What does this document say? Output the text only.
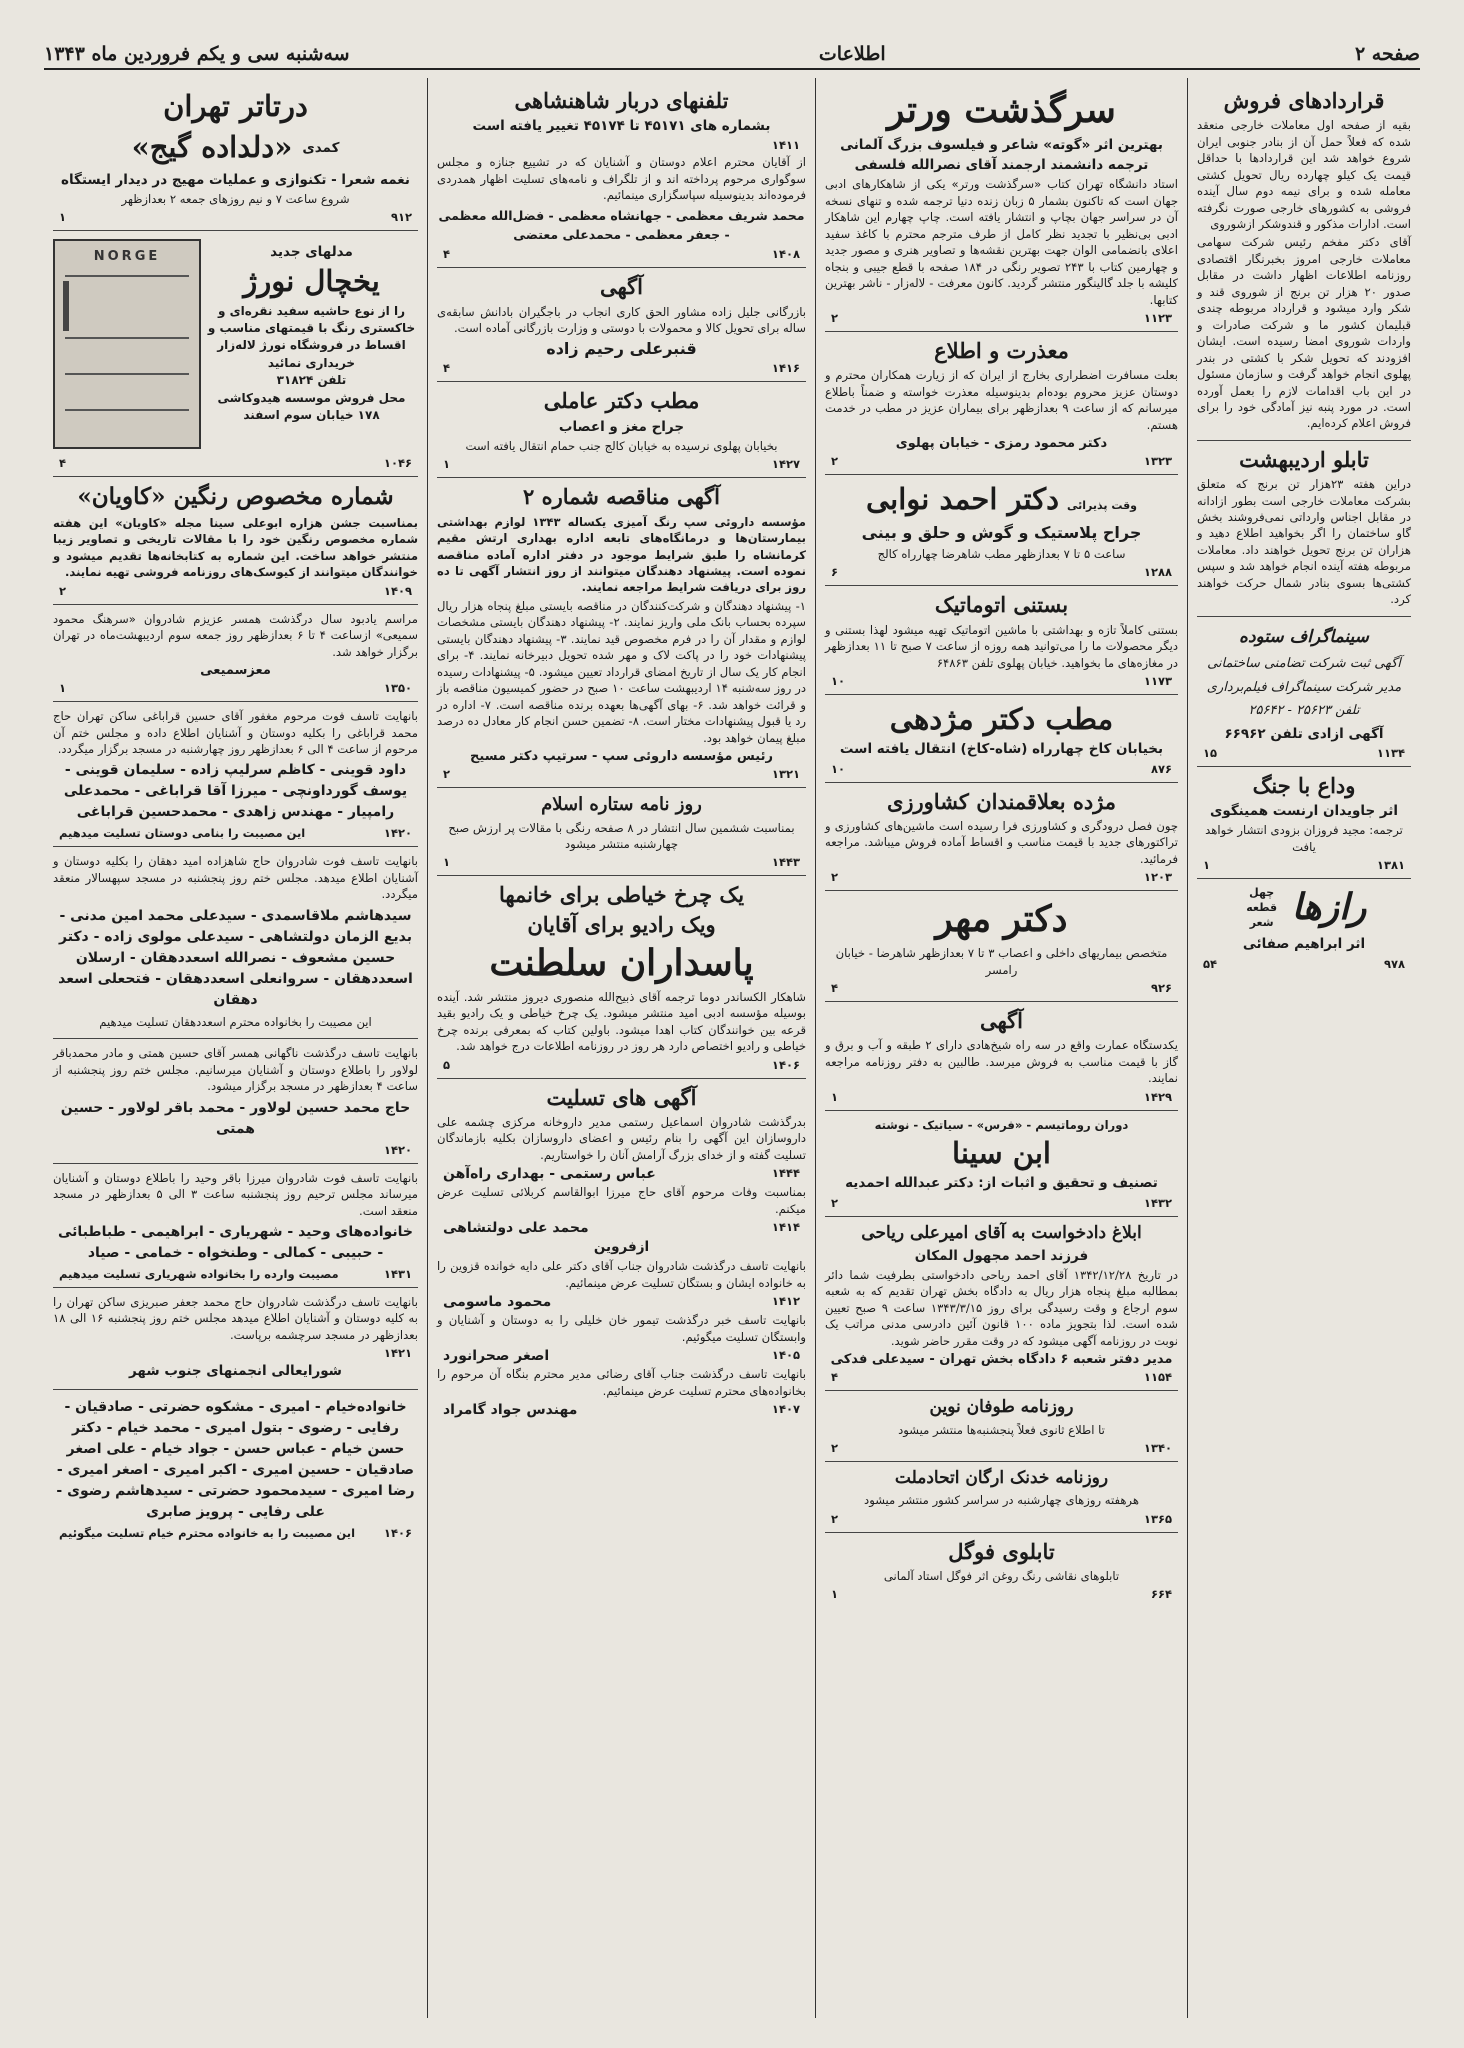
صفحه ۲
اطلاعات
سه‌شنبه سی و یکم فروردین ماه ۱۳۴۳
قراردادهای فروش
بقیه از صفحه اول معاملات خارجی منعقد شده که فعلاً حمل آن از بنادر جنوبی ایران شروع خواهد شد این قراردادها با حداقل قیمت یک کیلو چهارده ریال تحویل کشتی معامله شده و برای نیمه دوم سال آینده فروشی به کشورهای خارجی صورت نگرفته است. ادارات مذکور و قندوشکر ازشوروی
آقای دکتر مفخم رئیس شرکت سهامی معاملات خارجی امروز بخبرنگار اقتصادی روزنامه اطلاعات اظهار داشت در مقابل صدور ۲۰ هزار تن برنج از شوروی قند و شکر وارد میشود و قرارداد مربوطه چندی قبلیمان کشور ما و شرکت صادرات و واردات شوروی امضا رسیده است. ایشان افزودند که تحویل شکر با کشتی در بندر پهلوی انجام خواهد گرفت و سازمان مسئول در این باب اقدامات لازم را بعمل آورده است. در مورد پنبه نیز آمادگی خود را برای فروش اعلام کرده‌ایم.
تابلو اردیبهشت
دراین هفته ۲۳هزار تن برنج که متعلق بشرکت معاملات خارجی است بطور ازادانه در مقابل اجناس وارداتی نمی‌فروشند بخش گاو ساختمان را اگر بخواهید اطلاع دهید و هزاران تن برنج تحویل خواهند داد. معاملات مربوطه هفته آینده انجام خواهد شد و سپس کشتی‌ها بسوی بنادر شمال حرکت خواهند کرد.
سینماگراف ستوده
آگهی ثبت شرکت تضامنی ساختمانی
مدیر شرکت سینماگراف فیلم‌برداری
تلفن ۲۵۶۲۳ - ۲۵۶۴۲
آگهی ازادی تلفن ۶۶۹۶۲
۱۵	۱۱۳۴
وداع با جنگ
اثر جاویدان ارنست همینگوی
ترجمه: مجید فروزان بزودی انتشار خواهد یافت
۱	۱۳۸۱
رازها
چهل قطعه شعر
اثر ابراهیم صفائی
۵۴	۹۷۸
سرگذشت ورتر
بهترین اثر «گوته» شاعر و فیلسوف بزرگ آلمانی
ترجمه دانشمند ارجمند آقای نصرالله فلسفی
استاد دانشگاه تهران کتاب «سرگذشت ورتر» یکی از شاهکارهای ادبی جهان است که تاکنون بشمار ۵ زبان زنده دنیا ترجمه شده و تنهای نسخه آن در سراسر جهان بچاپ و انتشار یافته است. چاپ چهارم این شاهکار ادبی بی‌نظیر با تجدید نظر کامل از طرف مترجم محترم با کاغذ سفید اعلای بانضمامی الوان جهت بهترین نقشه‌ها و تصاویر هنری و مصور جدید و چهارمین کتاب با ۲۴۳ تصویر رنگی در ۱۸۴ صفحه با قطع جیبی و بنجاه کلیشه با جلد گالینگور منتشر گردید. کانون معرفت - لاله‌زار - ناشر بهترین کتابها.
۲	۱۱۲۳
معذرت و اطلاع
بعلت مسافرت اضطراری بخارج از ایران که از زیارت همکاران محترم و دوستان عزیز محروم بوده‌ام بدینوسیله معذرت خواسته و ضمناً باطلاع میرسانم که از ساعت ۹ بعدازظهر برای بیماران عزیز در مطب در خدمت هستم.
دکتر محمود رمزی - خیابان پهلوی
۲	۱۳۲۳
وقت پذیرائی
دکتر احمد نوابی
جراح پلاستیک و گوش و حلق و بینی
ساعت ۵ تا ۷ بعدازظهر مطب شاهرضا چهارراه کالج
۶	۱۲۸۸
بستنی اتوماتیک
بستنی کاملاً تازه و بهداشتی با ماشین اتوماتیک تهیه میشود لهذا بستنی و دیگر محصولات ما را می‌توانید همه روزه از ساعت ۷ صبح تا ۱۱ بعدازظهر در مغازه‌های ما بخواهید. خیابان پهلوی تلفن ۶۴۸۶۳
۱۰	۱۱۷۳
مطب دکتر مژدهی
بخیابان کاخ چهارراه (شاه-کاخ) انتقال یافته است
۱۰	۸۷۶
مژده بعلاقمندان کشاورزی
چون فصل درودگری و کشاورزی فرا رسیده است ماشین‌های کشاورزی و تراکتورهای جدید با قیمت مناسب و اقساط آماده فروش میباشد. مراجعه فرمائید.
۲	۱۲۰۳
دکتر مهر
متخصص بیماریهای داخلی و اعصاب ۳ تا ۷ بعدازظهر شاهرضا - خیابان رامسر
۴	۹۲۶
آگهی
یکدستگاه عمارت واقع در سه راه شیخ‌هادی دارای ۲ طبقه و آب و برق و گاز با قیمت مناسب به فروش میرسد. طالبین به دفتر روزنامه مراجعه نمایند.
۱	۱۴۲۹
دوران روماتیسم - «فرس» - سیاتیک - نوشته
ابن سینا
تصنیف و تحقیق و اثبات از: دکتر عبدالله احمدیه
۲	۱۴۳۲
ابلاغ دادخواست به آقای امیرعلی ریاحی
فرزند احمد مجهول المکان
در تاریخ ۱۳۴۲/۱۲/۲۸ آقای احمد ریاحی دادخواستی بطرفیت شما دائر بمطالبه مبلغ پنجاه هزار ریال به دادگاه بخش تهران تقدیم که به شعبه سوم ارجاع و وقت رسیدگی برای روز ۱۳۴۳/۳/۱۵ ساعت ۹ صبح تعیین شده است. لذا بتجویز ماده ۱۰۰ قانون آئین دادرسی مدنی مراتب یک نوبت در روزنامه آگهی میشود که در وقت مقرر حاضر شوید.
مدیر دفتر شعبه ۶ دادگاه بخش تهران - سیدعلی فدکی
۴	۱۱۵۴
روزنامه طوفان نوین
تا اطلاع ثانوی فعلاً پنجشنبه‌ها منتشر میشود
۲	۱۳۴۰
روزنامه خدنک ارگان اتحادملت
هرهفته روزهای چهارشنبه در سراسر کشور منتشر میشود
۲	۱۳۶۵
تابلوی فوگل
تابلوهای نقاشی رنگ روغن اثر فوگل استاد آلمانی
۱	۶۶۴
تلفنهای دربار شاهنشاهی
بشماره های ۴۵۱۷۱ تا ۴۵۱۷۴ تغییر یافته است
۱۴۱۱
از آقایان محترم اعلام دوستان و آشنایان که در تشییع جنازه و مجلس سوگواری مرحوم پرداخته اند و از تلگراف و نامه‌های تسلیت اظهار همدردی فرموده‌اند بدینوسیله سپاسگزاری مینمائیم.
محمد شریف معظمی - جهانشاه معظمی - فضل‌الله معظمی - جعفر معظمی - محمدعلی معتضی
۴	۱۴۰۸
آگهی
بازرگانی جلیل زاده مشاور الحق کاری انجاب در باجگیران بادانش سابقه‌ی ساله برای تحویل کالا و محمولات با دوستی و وزارت بازرگانی آماده است.
قنبرعلی رحیم زاده
۴	۱۴۱۶
مطب دکتر عاملی
جراح مغز و اعصاب
بخیابان پهلوی نرسیده به خیابان کالج جنب حمام انتقال یافته است
۱	۱۴۲۷
آگهی مناقصه شماره ۲
مؤسسه داروئی سپ رنگ آمیزی یکساله ۱۳۴۳ لوازم بهداشتی بیمارستان‌ها و درمانگاه‌های تابعه اداره بهداری ارتش مقیم کرمانشاه را طبق شرایط موجود در دفتر اداره آماده مناقصه نموده است. پیشنهاد دهندگان میتوانند از روز انتشار آگهی تا ده روز برای دریافت شرایط مراجعه نمایند.
۱- پیشنهاد دهندگان و شرکت‌کنندگان در مناقصه بایستی مبلغ پنجاه هزار ریال سپرده بحساب بانک ملی واریز نمایند. ۲- پیشنهاد دهندگان بایستی مشخصات لوازم و مقدار آن را در فرم مخصوص قید نمایند. ۳- پیشنهاد دهندگان بایستی پیشنهادات خود را در پاکت لاک و مهر شده تحویل دبیرخانه نمایند. ۴- برای انجام کار یک سال از تاریخ امضای قرارداد تعیین میشود. ۵- پیشنهادات رسیده در روز سه‌شنبه ۱۴ اردیبهشت ساعت ۱۰ صبح در حضور کمیسیون مناقصه باز و قرائت خواهد شد. ۶- بهای آگهی‌ها بعهده برنده مناقصه است. ۷- اداره در رد یا قبول پیشنهادات مختار است. ۸- تضمین حسن انجام کار معادل ده درصد مبلغ پیمان خواهد بود.
رئیس مؤسسه داروئی سپ - سرتیپ دکتر مسیح
۲	۱۳۲۱
روز نامه ستاره اسلام
بمناسبت ششمین سال انتشار در ۸ صفحه رنگی با مقالات پر ارزش صبح چهارشنبه منتشر میشود
۱	۱۴۴۳
یک چرخ خیاطی برای خانمها
ویک رادیو برای آقایان
پاسداران سلطنت
شاهکار الکساندر دوما ترجمه آقای ذبیح‌الله منصوری دیروز منتشر شد. آینده بوسیله مؤسسه ادبی امید منتشر میشود. یک چرخ خیاطی و یک رادیو بقید قرعه بین خوانندگان کتاب اهدا میشود. باولین کتاب که بمعرفی برنده چرخ خیاطی و رادیو اختصاص دارد هر روز در روزنامه اطلاعات درج خواهد شد.
۵	۱۴۰۶
آگهی های تسلیت
بدرگذشت شادروان اسماعیل رستمی مدیر داروخانه مرکزی چشمه علی داروسازان این آگهی را بنام رئیس و اعضای داروسازان بکلیه بازماندگان تسلیت گفته و از خدای بزرگ آرامش آنان را خواستاریم.
عباس رستمی - بهداری راه‌آهن	۱۴۴۴
بمناسبت وفات مرحوم آقای حاج میرزا ابوالقاسم کربلائی تسلیت عرض میکنم.
محمد علی دولتشاهی	۱۴۱۴
ازفروین
بانهایت تاسف درگذشت شادروان جناب آقای دکتر علی دایه خوانده قزوین را به خانواده ایشان و بستگان تسلیت عرض مینمائیم.
محمود ماسومی	۱۴۱۲
بانهایت تاسف خبر درگذشت تیمور خان خلیلی را به دوستان و آشنایان و وابستگان تسلیت میگوئیم.
اصغر صحرانورد	۱۴۰۵
بانهایت تاسف درگذشت جناب آقای رضائی مدیر محترم بنگاه آن مرحوم را بخانواده‌های محترم تسلیت عرض مینمائیم.
مهندس جواد گامراد	۱۴۰۷
درتاتر تهران
کمدی
«دلداده گیج»
نغمه شعرا - تکنوازی و عملیات مهیج در دیدار ایستگاه
شروع ساعت ۷ و نیم روزهای جمعه ۲ بعدازظهر
۱	۹۱۲
مدلهای جدید
یخچال نورژ
را از نوع حاشیه سفید نقره‌ای و خاکستری رنگ با قیمتهای مناسب و اقساط در فروشگاه نورژ لاله‌زار خریداری نمائید
تلفن ۳۱۸۲۴
محل فروش موسسه هیدوکاشی ۱۷۸ خیابان سوم اسفند
NORGE
۴	۱۰۴۶
شماره مخصوص رنگین «کاویان»
بمناسبت جشن هزاره ابوعلی سینا مجله «کاویان» این هفته شماره مخصوص رنگین خود را با مقالات تاریخی و تصاویر زیبا منتشر خواهد ساخت. این شماره به کتابخانه‌ها تقدیم میشود و خوانندگان میتوانند از کیوسک‌های روزنامه فروشی تهیه نمایند.
۲	۱۴۰۹
مراسم یادبود سال درگذشت همسر عزیزم شادروان «سرهنگ محمود سمیعی» ازساعت ۴ تا ۶ بعدازظهر روز جمعه سوم اردیبهشت‌ماه در تهران برگزار خواهد شد.
معزسمیعی
۱	۱۳۵۰
بانهایت تاسف فوت مرحوم مغفور آقای حسین قراباغی ساکن تهران حاج محمد قراباغی را بکلیه دوستان و آشنایان اطلاع داده و مجلس ختم آن مرحوم از ساعت ۴ الی ۶ بعدازظهر روز چهارشنبه در مسجد برگزار میگردد.
داود قوینی - کاظم سرلیپ زاده - سلیمان قوینی - یوسف گورداونچی - میرزا آقا قراباغی - محمدعلی رامپیار - مهندس زاهدی - محمدحسین قراباغی
این مصیبت را بنامی دوستان تسلیت میدهیم	۱۴۲۰
بانهایت تاسف فوت شادروان حاج شاهزاده امید دهقان را بکلیه دوستان و آشنایان اطلاع میدهد. مجلس ختم روز پنجشنبه در مسجد سپهسالار منعقد میگردد.
سیدهاشم ملاقاسمدی - سیدعلی محمد امین مدنی - بدیع الزمان دولتشاهی - سیدعلی مولوی زاده - دکتر حسین مشعوف - نصرالله اسعددهقان - ارسلان اسعددهقان - سروانعلی اسعددهقان - فتحعلی اسعد دهقان
این مصیبت را بخانواده محترم اسعددهقان تسلیت میدهیم
بانهایت تاسف درگذشت ناگهانی همسر آقای حسین همتی و مادر محمدباقر لولاور را باطلاع دوستان و آشنایان میرسانیم. مجلس ختم روز پنجشنبه از ساعت ۴ بعدازظهر در مسجد برگزار میشود.
حاج محمد حسین لولاور - محمد باقر لولاور - حسین همتی
۱۴۲۰
بانهایت تاسف فوت شادروان میرزا باقر وحید را باطلاع دوستان و آشنایان میرساند مجلس ترحیم روز پنجشنبه ساعت ۳ الی ۵ بعدازظهر در مسجد منعقد است.
خانواده‌های وحید - شهریاری - ابراهیمی - طباطبائی - حبیبی - کمالی - وطنخواه - خمامی - صیاد
مصیبت وارده را بخانواده شهریاری تسلیت میدهیم	۱۴۳۱
بانهایت تاسف درگذشت شادروان حاج محمد جعفر صبریزی ساکن تهران را به کلیه دوستان و آشنایان اطلاع میدهد مجلس ختم روز پنجشنبه ۱۶ الی ۱۸ بعدازظهر در مسجد سرچشمه برپاست.
۱۴۲۱
شورایعالی انجمنهای جنوب شهر
خانواده‌خیام - امیری - مشکوه حضرتی - صادقیان - رفایی - رضوی - بتول امیری - محمد خیام - دکتر حسن خیام - عباس حسن - جواد خیام - علی اصغر صادقیان - حسین امیری - اکبر امیری - اصغر امیری - رضا امیری - سیدمحمود حضرتی - سیدهاشم رضوی - علی رفایی - پرویز صابری
این مصیبت را به خانواده محترم خیام تسلیت میگوئیم	۱۴۰۶
